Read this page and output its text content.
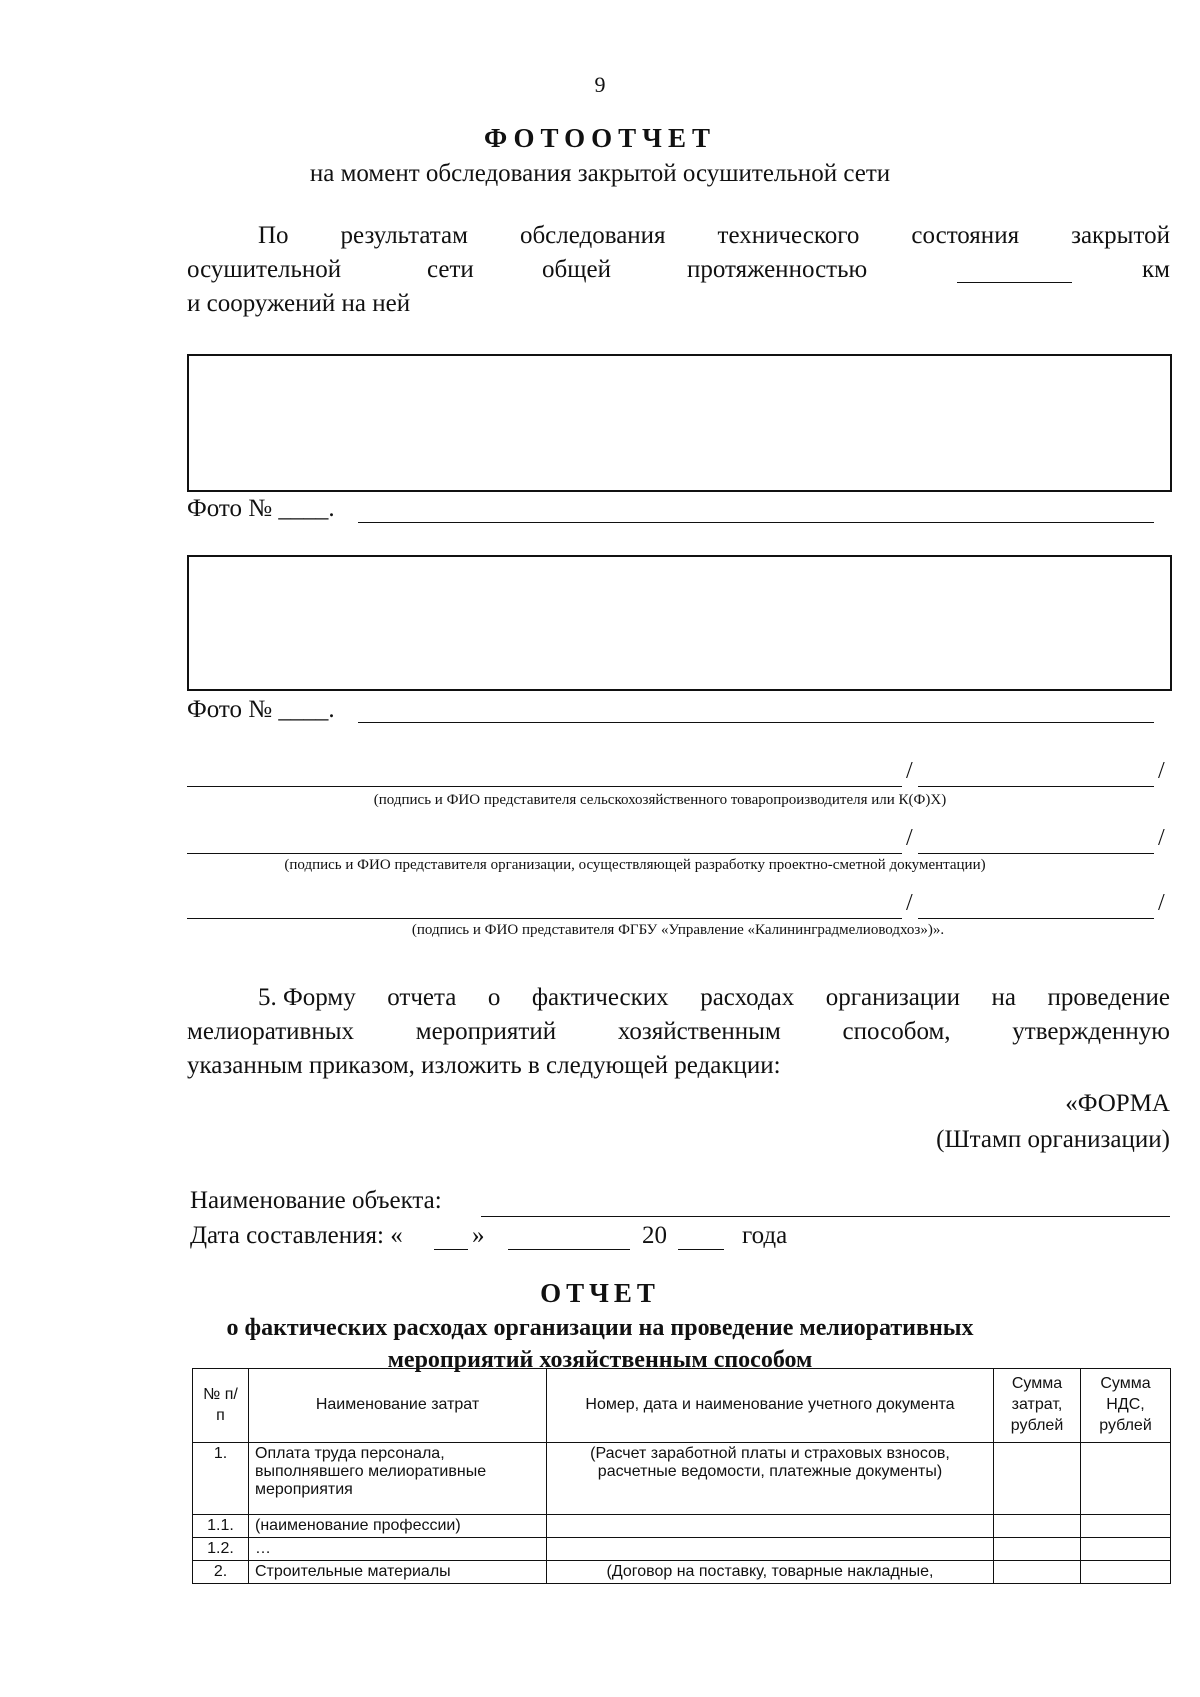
9
ФОТООТЧЕТ
на момент обследования закрытой осушительной сети
По результатам обследования технического состояния закрытой
осушительной	сети	общей	протяженностью	км
и сооружений на ней
Фото № ____.
Фото № ____.
/	/
(подпись и ФИО представителя сельскохозяйственного товаропроизводителя или К(Ф)Х)
/	/
(подпись и ФИО представителя организации, осуществляющей разработку проектно-сметной документации)
/	/
(подпись и ФИО представителя ФГБУ «Управление «Калининградмелиоводхоз»)».
5. Форму отчета о фактических расходах организации на проведение
мелиоративных мероприятий хозяйственным способом, утвержденную
указанным приказом, изложить в следующей редакции:
«ФОРМА
(Штамп организации)
Наименование объекта:
Дата составления: «	»	20	года
ОТЧЕТ
о фактических расходах организации на проведение мелиоративных
мероприятий хозяйственным способом
№ п/п	Наименование затрат	Номер, дата и наименование учетного документа	Сумма затрат, рублей	Сумма НДС, рублей
1.	Оплата труда персонала, выполнявшего мелиоративные мероприятия	(Расчет заработной платы и страховых взносов, расчетные ведомости, платежные документы)		
1.1.	(наименование профессии)			
1.2.	…			
2.	Строительные материалы	(Договор на поставку, товарные накладные,		
